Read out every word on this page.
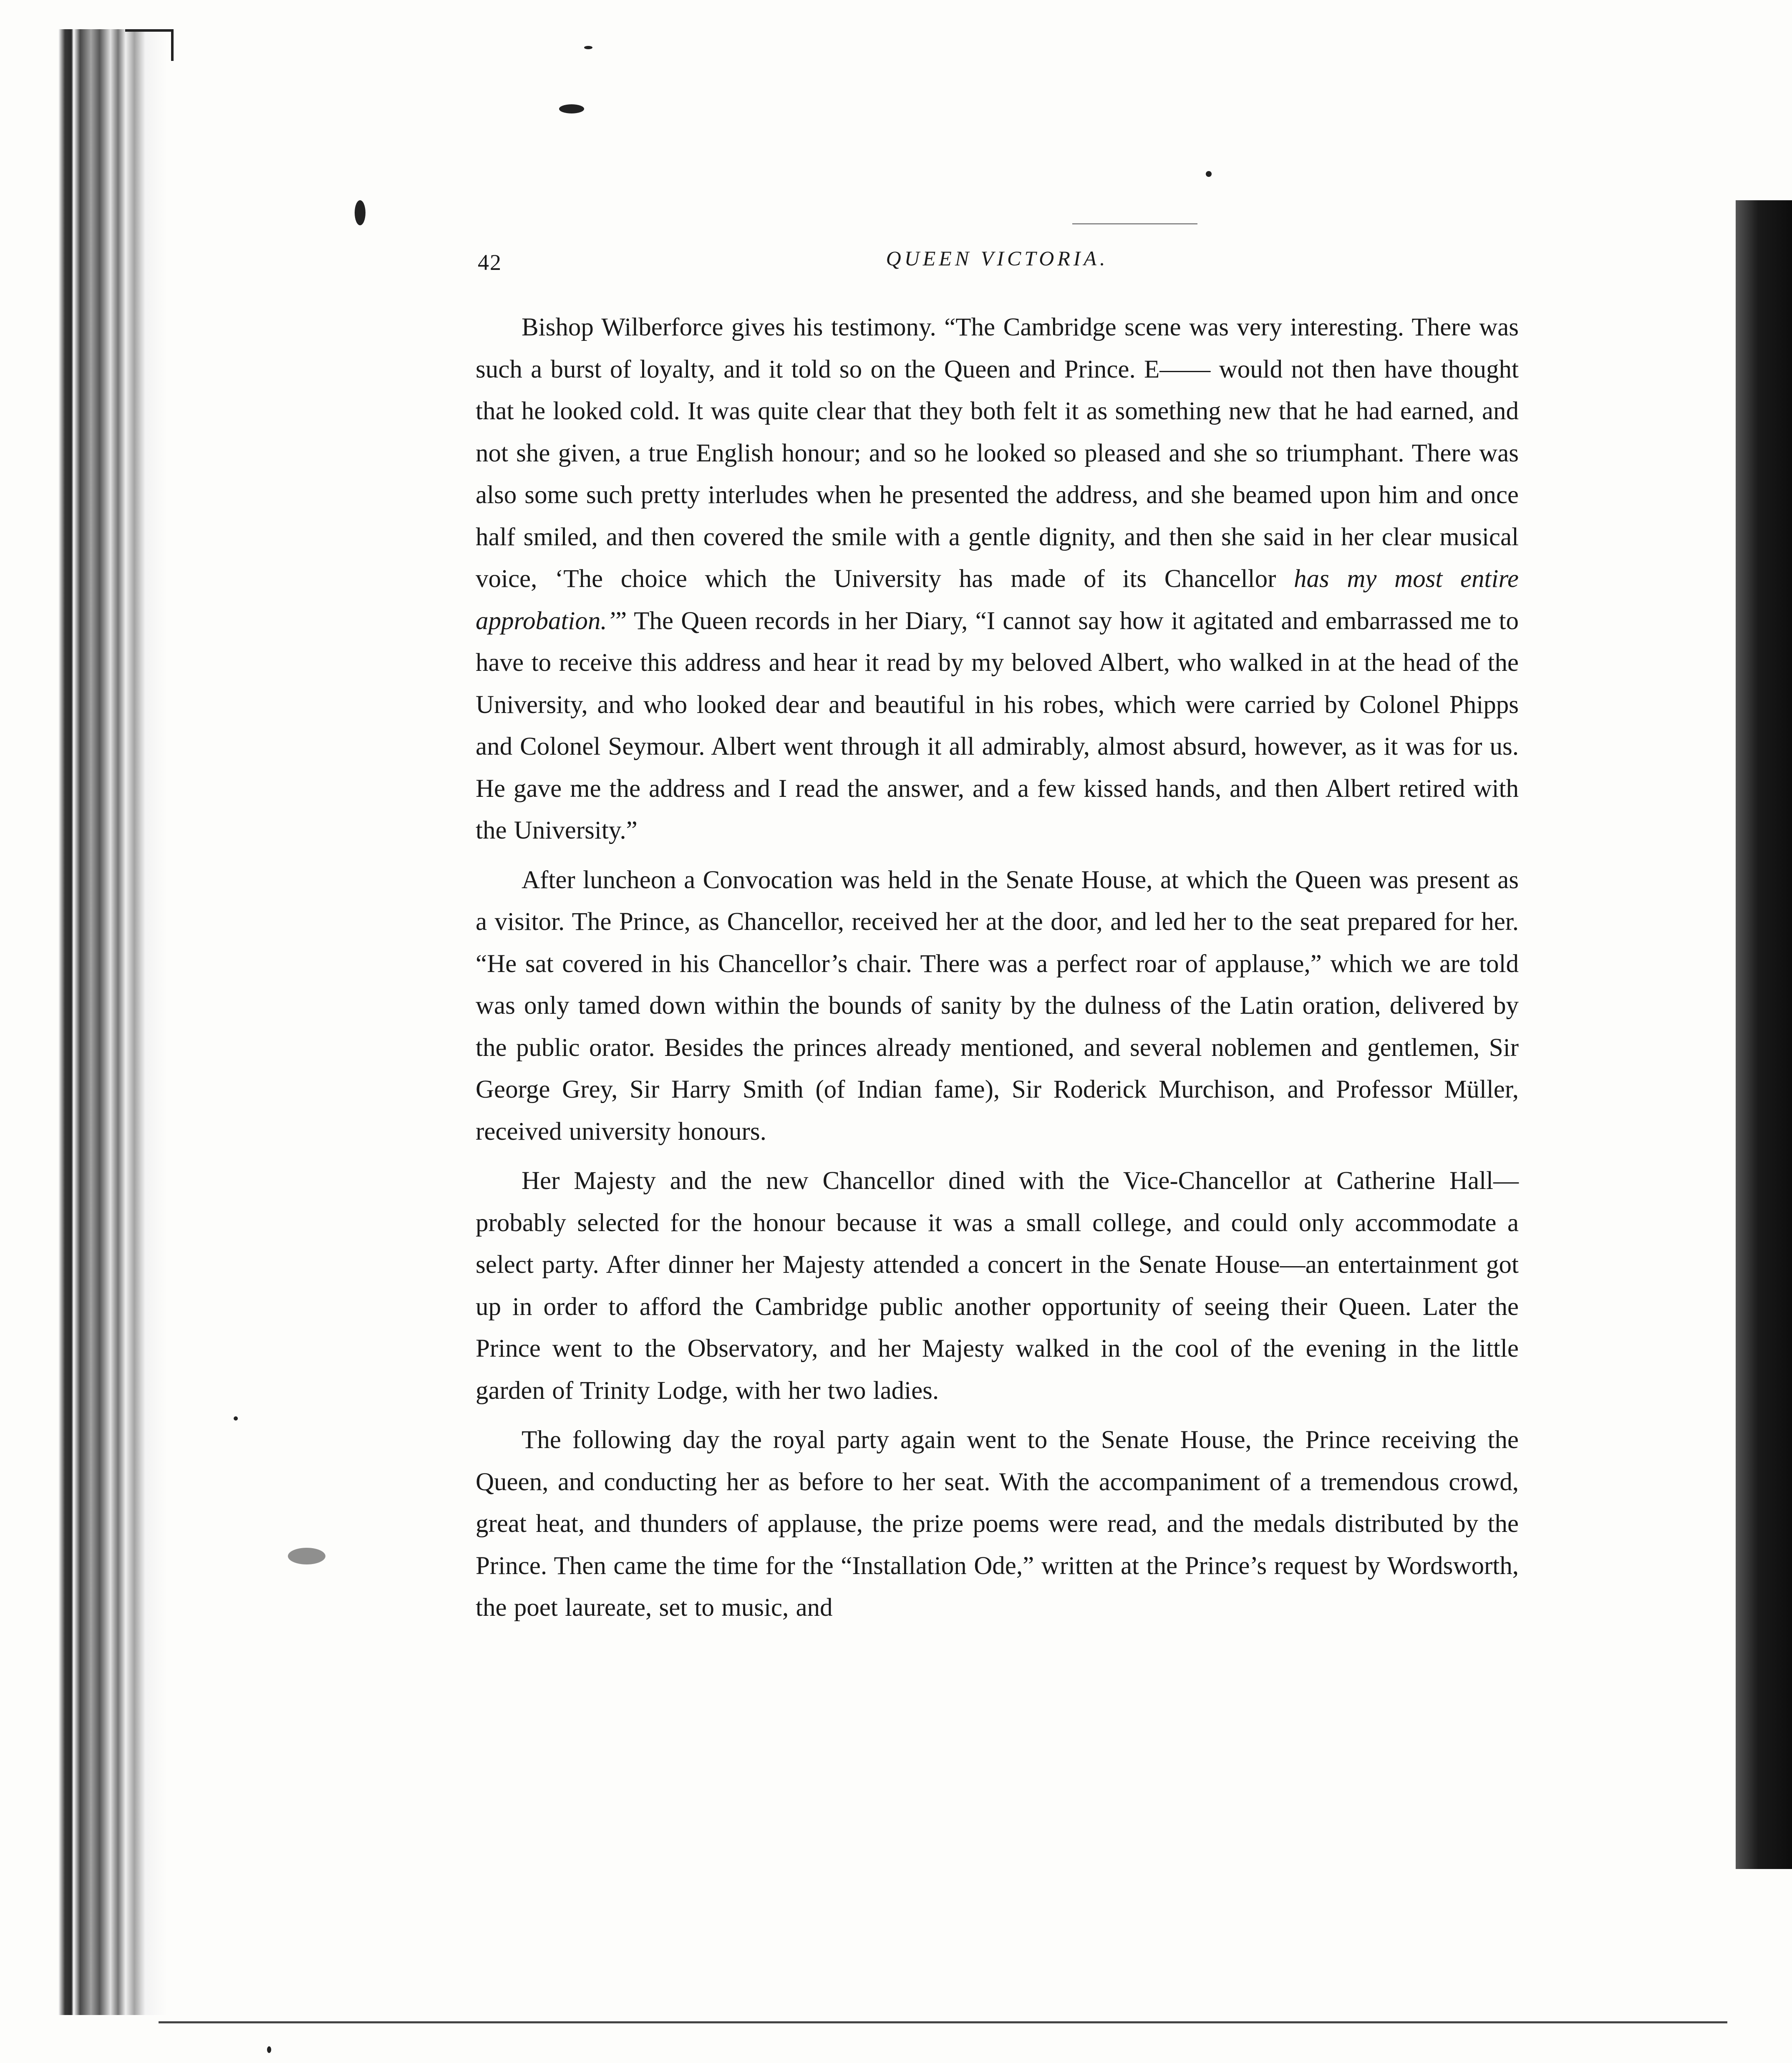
42	QUEEN VICTORIA.

Bishop Wilberforce gives his testimony. “The Cambridge scene was very interesting. There was such a burst of loyalty, and it told so on the Queen and Prince. E—— would not then have thought that he looked cold. It was quite clear that they both felt it as something new that he had earned, and not she given, a true English honour; and so he looked so pleased and she so triumphant. There was also some such pretty interludes when he presented the address, and she beamed upon him and once half smiled, and then covered the smile with a gentle dignity, and then she said in her clear musical voice, ‘The choice which the University has made of its Chancellor has my most entire approbation.’” The Queen records in her Diary, “I cannot say how it agitated and embarrassed me to have to receive this address and hear it read by my beloved Albert, who walked in at the head of the University, and who looked dear and beautiful in his robes, which were carried by Colonel Phipps and Colonel Seymour. Albert went through it all admirably, almost absurd, however, as it was for us. He gave me the address and I read the answer, and a few kissed hands, and then Albert retired with the University.”

After luncheon a Convocation was held in the Senate House, at which the Queen was present as a visitor. The Prince, as Chancellor, received her at the door, and led her to the seat prepared for her. “He sat covered in his Chancellor’s chair. There was a perfect roar of applause,” which we are told was only tamed down within the bounds of sanity by the dulness of the Latin oration, delivered by the public orator. Besides the princes already mentioned, and several noblemen and gentlemen, Sir George Grey, Sir Harry Smith (of Indian fame), Sir Roderick Murchison, and Professor Müller, received university honours.

Her Majesty and the new Chancellor dined with the Vice-Chancellor at Catherine Hall—probably selected for the honour because it was a small college, and could only accommodate a select party. After dinner her Majesty attended a concert in the Senate House—an entertainment got up in order to afford the Cambridge public another opportunity of seeing their Queen. Later the Prince went to the Observatory, and her Majesty walked in the cool of the evening in the little garden of Trinity Lodge, with her two ladies.

The following day the royal party again went to the Senate House, the Prince receiving the Queen, and conducting her as before to her seat. With the accompaniment of a tremendous crowd, great heat, and thunders of applause, the prize poems were read, and the medals distributed by the Prince. Then came the time for the “Installation Ode,” written at the Prince’s request by Wordsworth, the poet laureate, set to music, and
